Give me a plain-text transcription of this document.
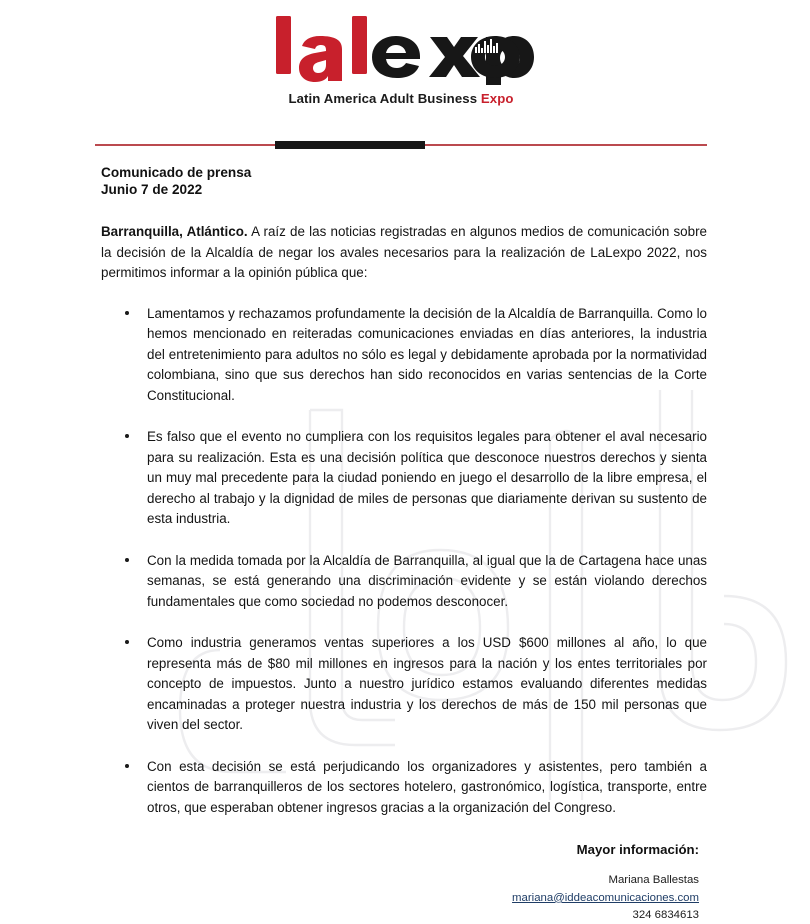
Latin America Adult Business Expo
Comunicado de prensa
Junio 7 de 2022

Barranquilla, Atlántico. A raíz de las noticias registradas en algunos medios de comunicación sobre la decisión de la Alcaldía de negar los avales necesarios para la realización de LaLexpo 2022, nos permitimos informar a la opinión pública que:

Lamentamos y rechazamos profundamente la decisión de la Alcaldía de Barranquilla. Como lo hemos mencionado en reiteradas comunicaciones enviadas en días anteriores, la industria del entretenimiento para adultos no sólo es legal y debidamente aprobada por la normatividad colombiana, sino que sus derechos han sido reconocidos en varias sentencias de la Corte Constitucional.
Es falso que el evento no cumpliera con los requisitos legales para obtener el aval necesario para su realización. Esta es una decisión política que desconoce nuestros derechos y sienta un muy mal precedente para la ciudad poniendo en juego el desarrollo de la libre empresa, el derecho al trabajo y la dignidad de miles de personas que diariamente derivan su sustento de esta industria.
Con la medida tomada por la Alcaldía de Barranquilla, al igual que la de Cartagena hace unas semanas, se está generando una discriminación evidente y se están violando derechos fundamentales que como sociedad no podemos desconocer.
Como industria generamos ventas superiores a los USD $600 millones al año, lo que representa más de $80 mil millones en ingresos para la nación y los entes territoriales por concepto de impuestos. Junto a nuestro jurídico estamos evaluando diferentes medidas encaminadas a proteger nuestra industria y los derechos de más de 150 mil personas que viven del sector.
Con esta decisión se está perjudicando los organizadores y asistentes, pero también a cientos de barranquilleros de los sectores hotelero, gastronómico, logística, transporte, entre otros, que esperaban obtener ingresos gracias a la organización del Congreso.
Mayor información:
Mariana Ballestas
mariana@iddeacomunicaciones.com
324 6834613
